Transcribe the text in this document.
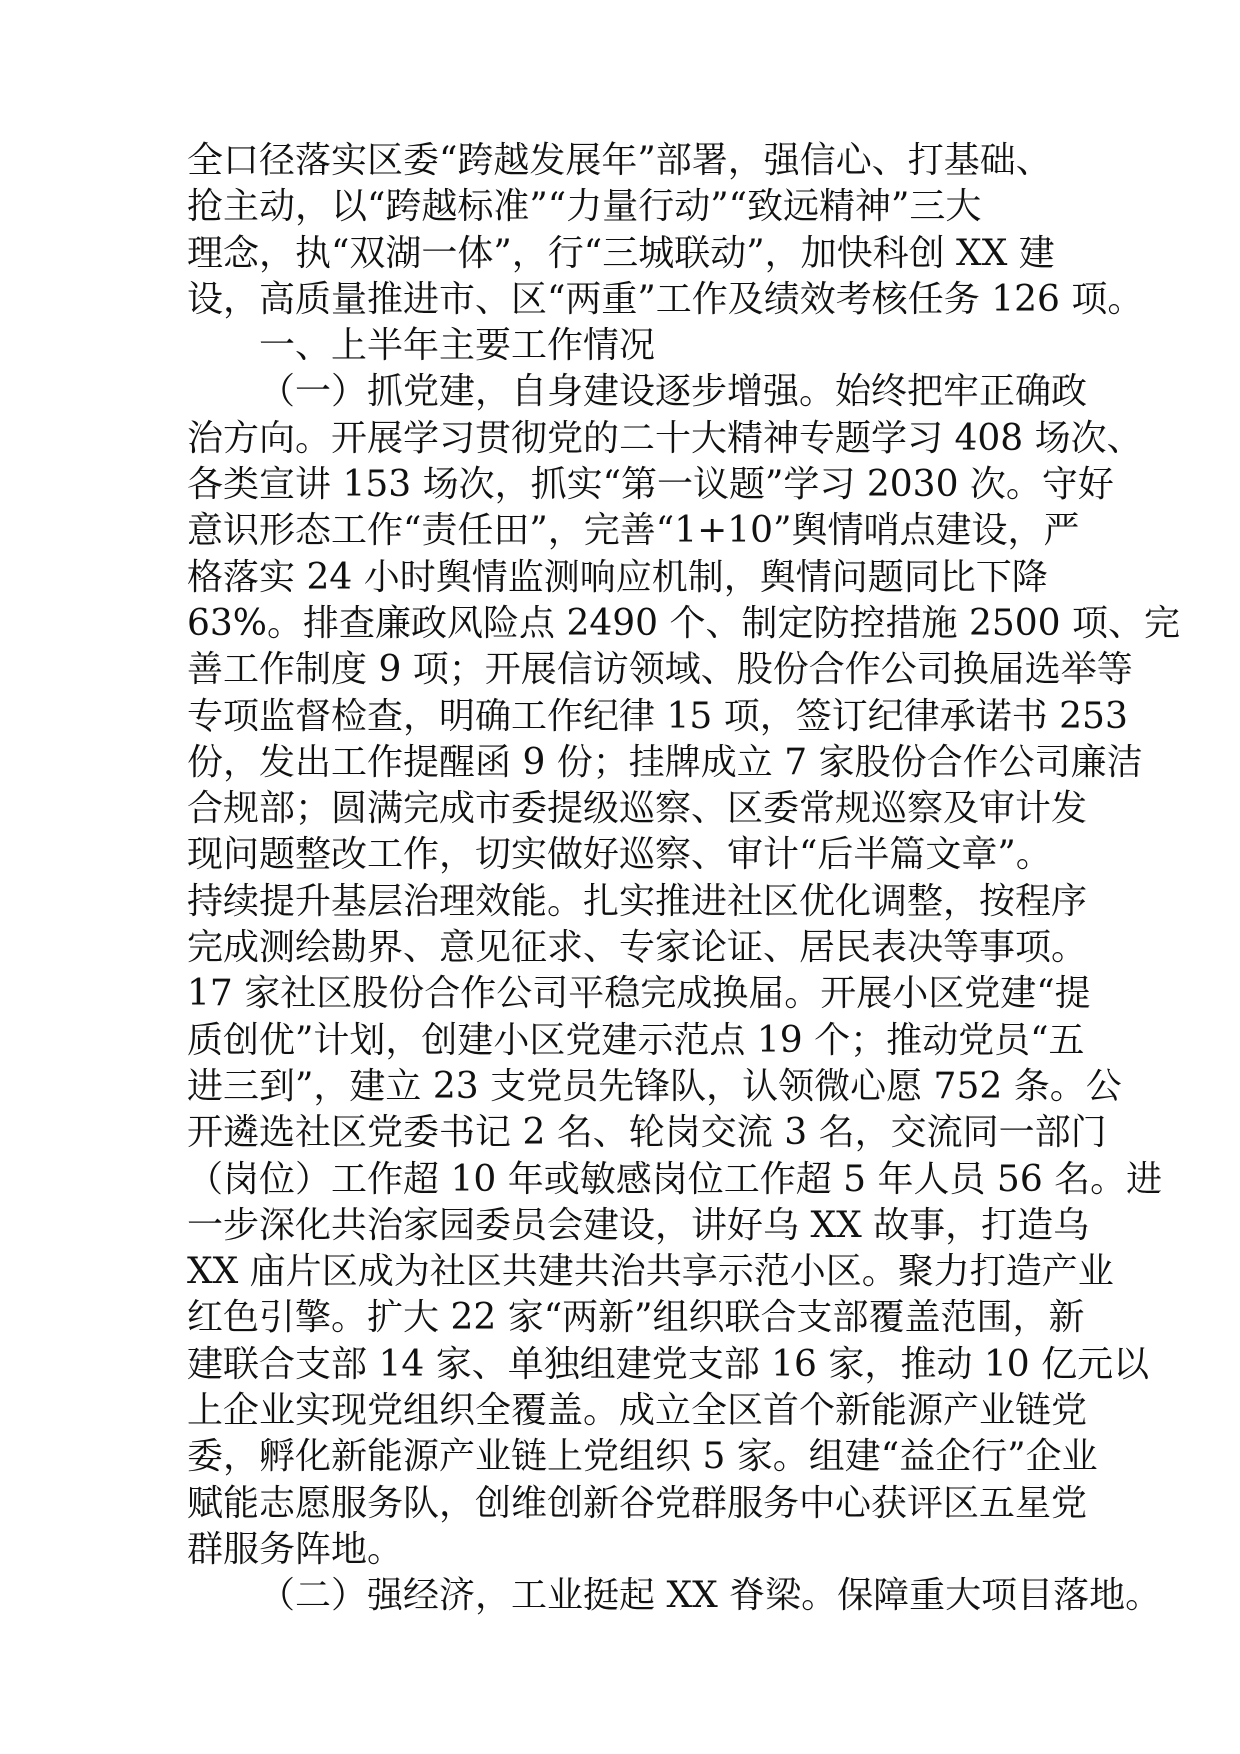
全口径落实区委“跨越发展年”部署，强信心、打基础、
抢主动，以“跨越标准”“力量行动”“致远精神”三大
理念，执“双湖一体”，行“三城联动”，加快科创 XX 建
设，高质量推进市、区“两重”工作及绩效考核任务 126 项。
一、上半年主要工作情况
（一）抓党建，自身建设逐步增强。始终把牢正确政
治方向。开展学习贯彻党的二十大精神专题学习 408 场次、
各类宣讲 153 场次，抓实“第一议题”学习 2030 次。守好
意识形态工作“责任田”，完善“1+10”舆情哨点建设，严
格落实 24 小时舆情监测响应机制，舆情问题同比下降
63%。排查廉政风险点 2490 个、制定防控措施 2500 项、完
善工作制度 9 项；开展信访领域、股份合作公司换届选举等
专项监督检查，明确工作纪律 15 项，签订纪律承诺书 253
份，发出工作提醒函 9 份；挂牌成立 7 家股份合作公司廉洁
合规部；圆满完成市委提级巡察、区委常规巡察及审计发
现问题整改工作，切实做好巡察、审计“后半篇文章”。
持续提升基层治理效能。扎实推进社区优化调整，按程序
完成测绘勘界、意见征求、专家论证、居民表决等事项。
17 家社区股份合作公司平稳完成换届。开展小区党建“提
质创优”计划，创建小区党建示范点 19 个；推动党员“五
进三到”，建立 23 支党员先锋队，认领微心愿 752 条。公
开遴选社区党委书记 2 名、轮岗交流 3 名，交流同一部门
（岗位）工作超 10 年或敏感岗位工作超 5 年人员 56 名。进
一步深化共治家园委员会建设，讲好乌 XX 故事，打造乌
XX 庙片区成为社区共建共治共享示范小区。聚力打造产业
红色引擎。扩大 22 家“两新”组织联合支部覆盖范围，新
建联合支部 14 家、单独组建党支部 16 家，推动 10 亿元以
上企业实现党组织全覆盖。成立全区首个新能源产业链党
委，孵化新能源产业链上党组织 5 家。组建“益企行”企业
赋能志愿服务队，创维创新谷党群服务中心获评区五星党
群服务阵地。
（二）强经济，工业挺起 XX 脊梁。保障重大项目落地。
